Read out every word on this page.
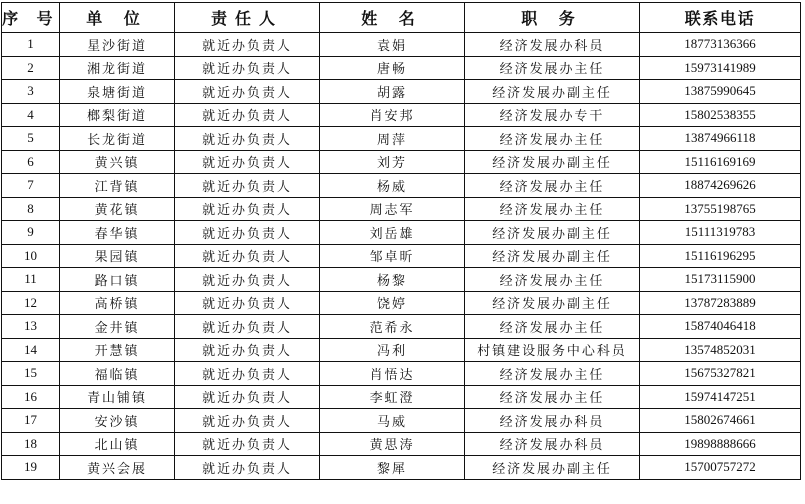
序 号	单 位	责任人	姓 名	职 务	联系电话
1	星沙街道	就近办负责人	袁娟	经济发展办科员	18773136366
2	湘龙街道	就近办负责人	唐畅	经济发展办主任	15973141989
3	泉塘街道	就近办负责人	胡露	经济发展办副主任	13875990645
4	榔梨街道	就近办负责人	肖安邦	经济发展办专干	15802538355
5	长龙街道	就近办负责人	周萍	经济发展办主任	13874966118
6	黄兴镇	就近办负责人	刘芳	经济发展办副主任	15116169169
7	江背镇	就近办负责人	杨威	经济发展办主任	18874269626
8	黄花镇	就近办负责人	周志军	经济发展办主任	13755198765
9	春华镇	就近办负责人	刘岳雄	经济发展办副主任	15111319783
10	果园镇	就近办负责人	邹卓昕	经济发展办副主任	15116196295
11	路口镇	就近办负责人	杨黎	经济发展办主任	15173115900
12	高桥镇	就近办负责人	饶婷	经济发展办副主任	13787283889
13	金井镇	就近办负责人	范希永	经济发展办主任	15874046418
14	开慧镇	就近办负责人	冯利	村镇建设服务中心科员	13574852031
15	福临镇	就近办负责人	肖悟达	经济发展办主任	15675327821
16	青山铺镇	就近办负责人	李虹澄	经济发展办主任	15974147251
17	安沙镇	就近办负责人	马威	经济发展办科员	15802674661
18	北山镇	就近办负责人	黄思涛	经济发展办科员	19898888666
19	黄兴会展	就近办负责人	黎犀	经济发展办副主任	15700757272
